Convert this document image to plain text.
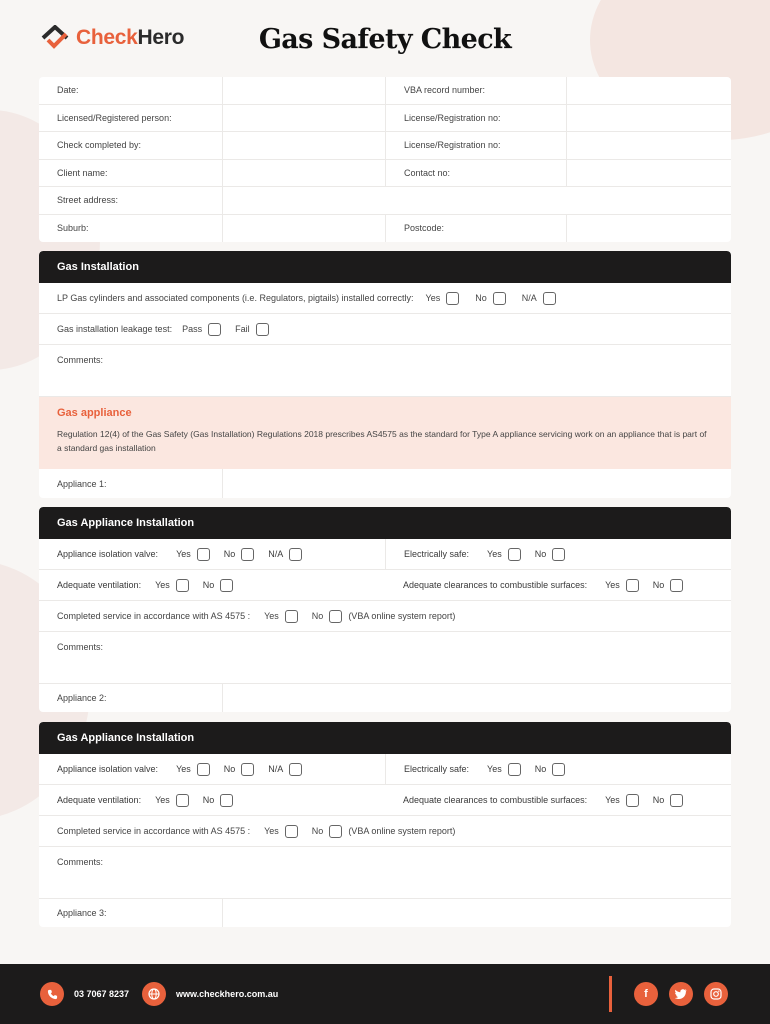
CheckHero	Gas Safety Check
Date:	VBA record number:
Licensed/Registered person:	License/Registration no:
Check completed by:	License/Registration no:
Client name:	Contact no:
Street address:
Suburb:	Postcode:
Gas Installation
LP Gas cylinders and associated components (i.e. Regulators, pigtails) installed correctly: Yes	No	N/A
Gas installation leakage test: Pass	Fail
Comments:
Gas appliance
Regulation 12(4) of the Gas Safety (Gas Installation) Regulations 2018 prescribes AS4575 as the standard for Type A appliance servicing work on an appliance that is part of a standard gas installation
Appliance 1:
Gas Appliance Installation
Appliance isolation valve: Yes	No	N/A	Electrically safe: Yes	No
Adequate ventilation: Yes	No	Adequate clearances to combustible surfaces: Yes	No
Completed service in accordance with AS 4575 : Yes	No	(VBA online system report)
Comments:
Appliance 2:
Gas Appliance Installation
Appliance isolation valve: Yes	No	N/A	Electrically safe: Yes	No
Adequate ventilation: Yes	No	Adequate clearances to combustible surfaces: Yes	No
Completed service in accordance with AS 4575 : Yes	No	(VBA online system report)
Comments:
Appliance 3:
03 7067 8237	www.checkhero.com.au	f
